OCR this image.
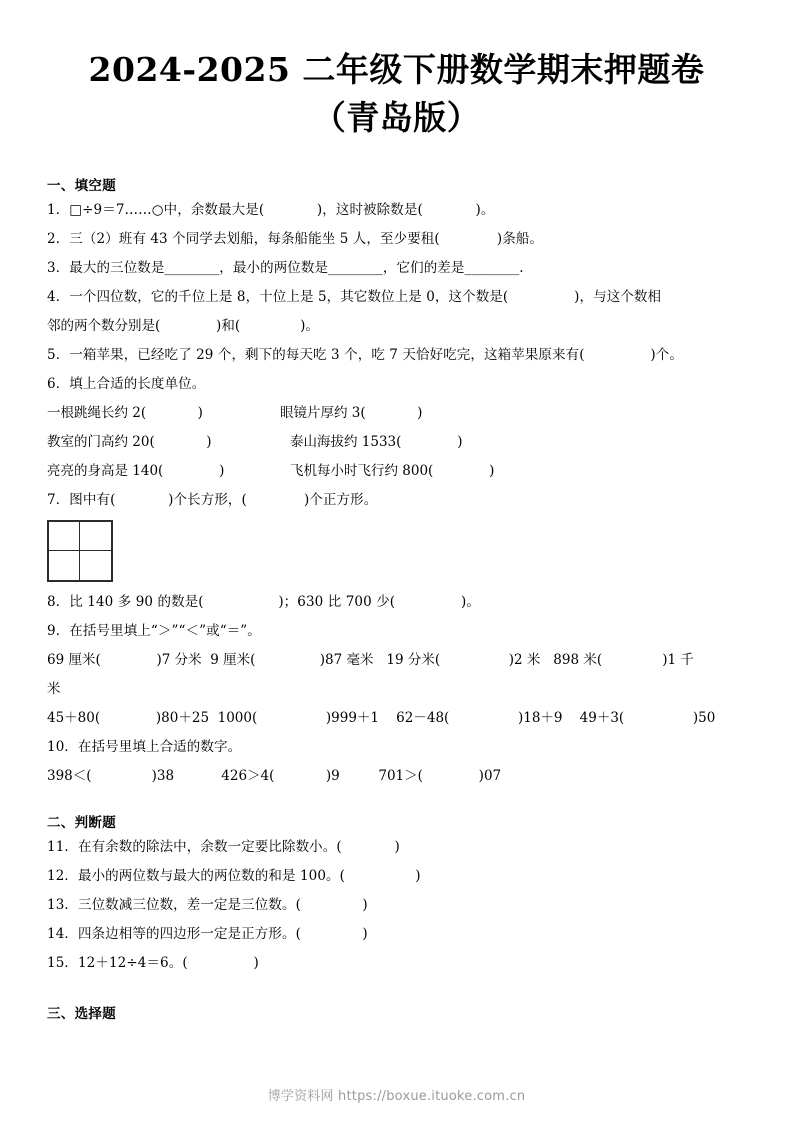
2024-2025 二年级下册数学期末押题卷
（青岛版）
一、填空题
1．□÷9＝7……○中，余数最大是(            )，这时被除数是(            )。
2．三（2）班有 43 个同学去划船，每条船能坐 5 人，至少要租(             )条船。
3．最大的三位数是________，最小的两位数是________，它们的差是________.
4．一个四位数，它的千位上是 8，十位上是 5，其它数位上是 0，这个数是(               )，与这个数相
邻的两个数分别是(             )和(              )。
5．一箱苹果，已经吃了 29 个，剩下的每天吃 3 个，吃 7 天恰好吃完，这箱苹果原来有(               )个。
6．填上合适的长度单位。

一根跳绳长约 2(            )

	眼镜片厚约 3(            )

教室的门高约 20(            )

	泰山海拔约 1533(             )

亮亮的身高是 140(             )

	飞机每小时飞行约 800(             )

7．图中有(            )个长方形，(             )个正方形。
8．比 140 多 90 的数是(                 )；630 比 700 少(               )。
9．在括号里填上“＞”“＜”或“＝”。
69 厘米(             )7 分米  9 厘米(               )87 毫米   19 分米(                )2 米   898 米(              )1 千
米
45＋80(             )80＋25  1000(                )999＋1    62－48(                )18＋9    49＋3(                )50
10．在括号里填上合适的数字。
398＜(              )38           426＞4(            )9         701＞(             )07
二、判断题
11．在有余数的除法中，余数一定要比除数小。(            )
12．最小的两位数与最大的两位数的和是 100。(                )
13．三位数减三位数，差一定是三位数。(              )
14．四条边相等的四边形一定是正方形。(              )
15．12＋12÷4＝6。(               )
三、选择题
博学资料网 https://boxue.ituoke.com.cn
